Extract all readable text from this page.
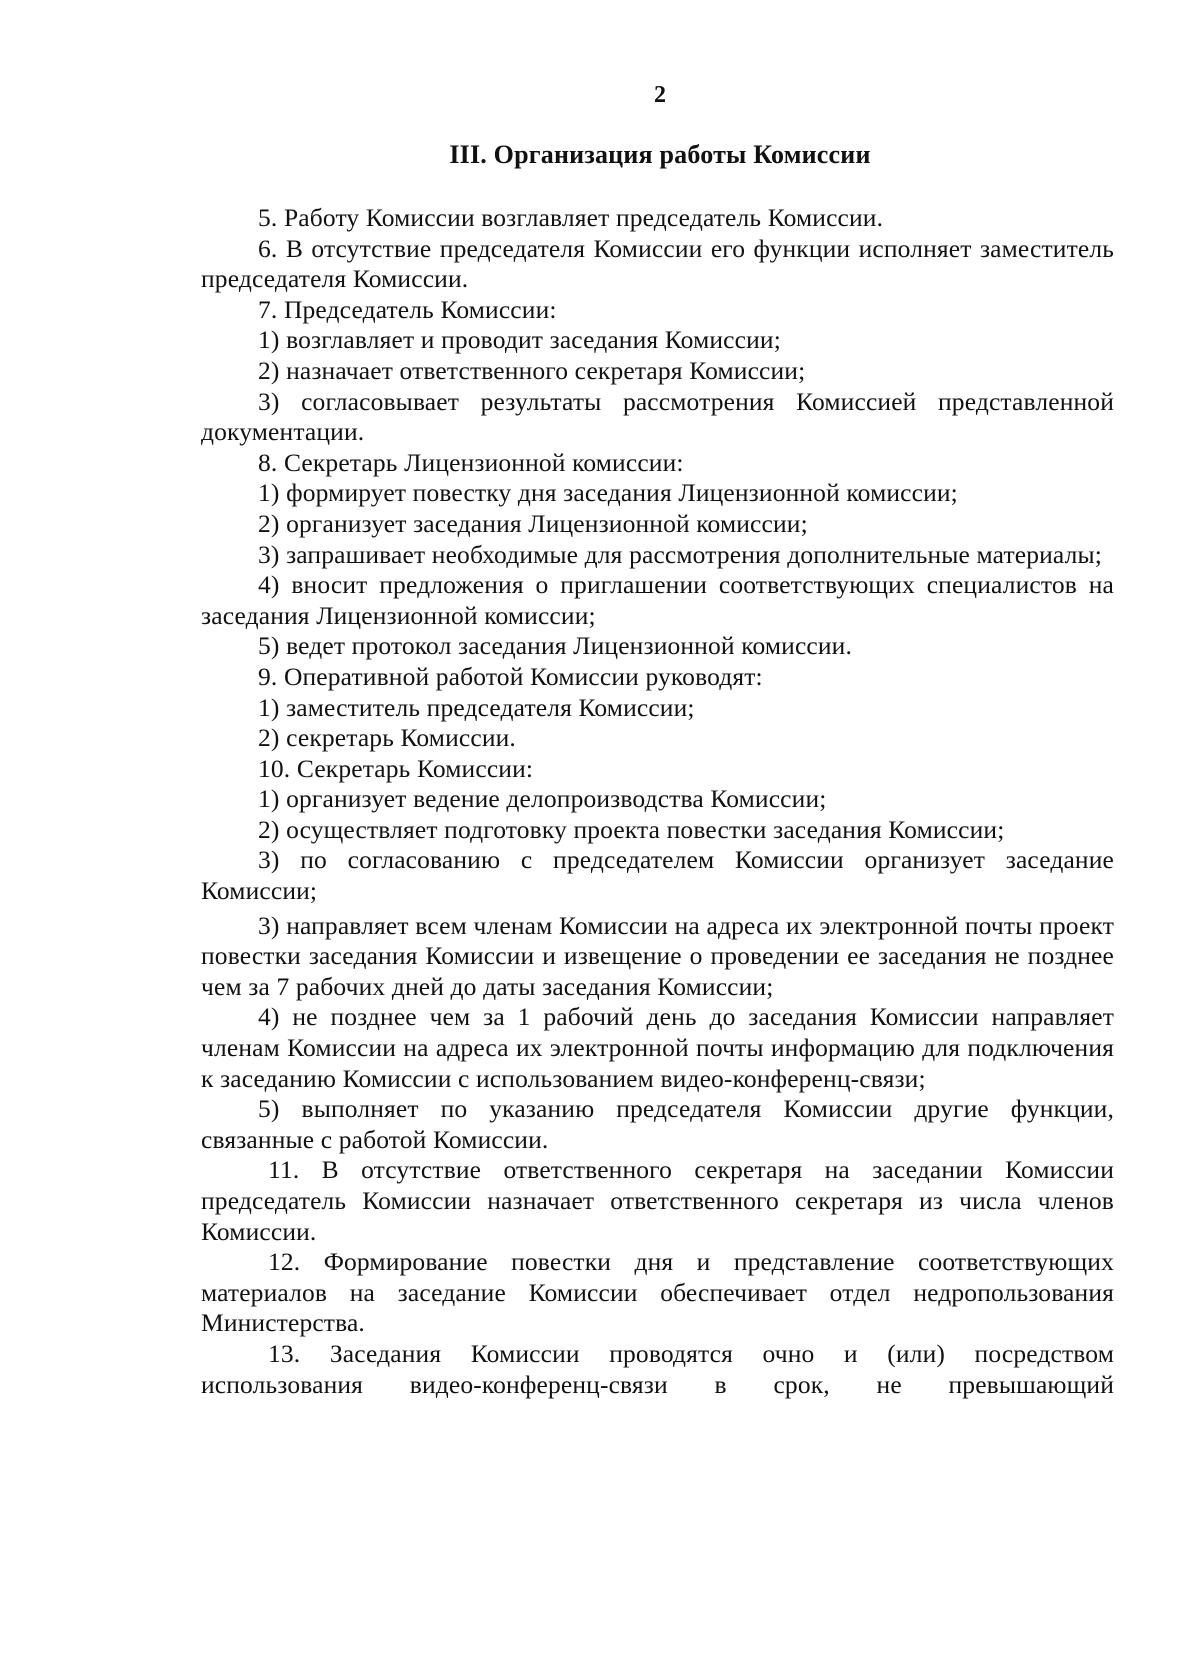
2
III. Организация работы Комиссии

5. Работу Комиссии возглавляет председатель Комиссии.

6. В отсутствие председателя Комиссии его функции исполняет заместитель председателя Комиссии.

7. Председатель Комиссии:

1) возглавляет и проводит заседания Комиссии;

2) назначает ответственного секретаря Комиссии;

3) согласовывает результаты рассмотрения Комиссией представленной документации.

8. Секретарь Лицензионной комиссии:

1) формирует повестку дня заседания Лицензионной комиссии;

2) организует заседания Лицензионной комиссии;

3) запрашивает необходимые для рассмотрения дополнительные материалы;

4) вносит предложения о приглашении соответствующих специалистов на заседания Лицензионной комиссии;

5) ведет протокол заседания Лицензионной комиссии.

9. Оперативной работой Комиссии руководят:

1) заместитель председателя Комиссии;

2) секретарь Комиссии.

10. Секретарь Комиссии:

1) организует ведение делопроизводства Комиссии;

2) осуществляет подготовку проекта повестки заседания Комиссии;

3) по согласованию с председателем Комиссии организует заседание Комиссии;

3) направляет всем членам Комиссии на адреса их электронной почты проект повестки заседания Комиссии и извещение о проведении ее заседания не позднее чем за 7 рабочих дней до даты заседания Комиссии;

4) не позднее чем за 1 рабочий день до заседания Комиссии направляет членам Комиссии на адреса их электронной почты информацию для подключения к заседанию Комиссии с использованием видео-конференц-связи;

5) выполняет по указанию председателя Комиссии другие функции, связанные с работой Комиссии.

11. В отсутствие ответственного секретаря на заседании Комиссии председатель Комиссии назначает ответственного секретаря из числа членов Комиссии.

12. Формирование повестки дня и представление соответствующих материалов на заседание Комиссии обеспечивает отдел недропользования Министерства.

13. Заседания Комиссии проводятся очно и (или) посредством использования видео-конференц-связи в срок, не превышающий
